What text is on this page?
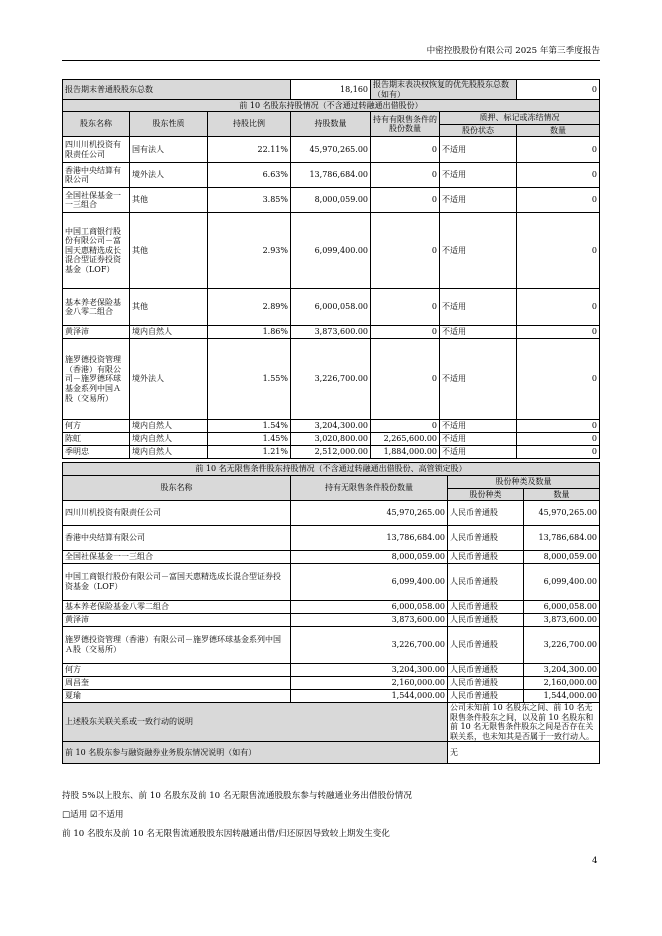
中密控股股份有限公司 2025 年第三季度报告
报告期末普通股股东总数			18,160	报告期末表决权恢复的优先股股东总数（如有）		0
前 10 名股东持股情况（不含通过转融通出借股份）						
股东名称	股东性质	持股比例	持股数量	持有有限售条件的股份数量	质押、标记或冻结情况	
					股份状态	数量
四川川机投资有限责任公司	国有法人	22.11%	45,970,265.00	0	不适用	0
香港中央结算有限公司	境外法人	6.63%	13,786,684.00	0	不适用	0
全国社保基金一一三组合	其他	3.85%	8,000,059.00	0	不适用	0
中国工商银行股份有限公司－富国天惠精选成长混合型证券投资基金（LOF）	其他	2.93%	6,099,400.00	0	不适用	0
基本养老保险基金八零二组合	其他	2.89%	6,000,058.00	0	不适用	0
黄泽沛	境内自然人	1.86%	3,873,600.00	0	不适用	0
施罗德投资管理（香港）有限公司－施罗德环球基金系列中国Ａ股（交易所）	境外法人	1.55%	3,226,700.00	0	不适用	0
何方	境内自然人	1.54%	3,204,300.00	0	不适用	0
陈虹	境内自然人	1.45%	3,020,800.00	2,265,600.00	不适用	0
季明忠	境内自然人	1.21%	2,512,000.00	1,884,000.00	不适用	0
前 10 名无限售条件股东持股情况（不含通过转融通出借股份、高管锁定股）			
股东名称	持有无限售条件股份数量	股份种类及数量	
		股份种类	数量
四川川机投资有限责任公司	45,970,265.00	人民币普通股	45,970,265.00
香港中央结算有限公司	13,786,684.00	人民币普通股	13,786,684.00
全国社保基金一一三组合	8,000,059.00	人民币普通股	8,000,059.00
中国工商银行股份有限公司－富国天惠精选成长混合型证券投资基金（LOF）	6,099,400.00	人民币普通股	6,099,400.00
基本养老保险基金八零二组合	6,000,058.00	人民币普通股	6,000,058.00
黄泽沛	3,873,600.00	人民币普通股	3,873,600.00
施罗德投资管理（香港）有限公司－施罗德环球基金系列中国Ａ股（交易所）	3,226,700.00	人民币普通股	3,226,700.00
何方	3,204,300.00	人民币普通股	3,204,300.00
周昌奎	2,160,000.00	人民币普通股	2,160,000.00
夏瑜	1,544,000.00	人民币普通股	1,544,000.00
上述股东关联关系或一致行动的说明		公司未知前 10 名股东之间、前 10 名无限售条件股东之间，以及前 10 名股东和前 10 名无限售条件股东之间是否存在关联关系，也未知其是否属于一致行动人。	
前 10 名股东参与融资融券业务股东情况说明（如有）		无	
持股 5%以上股东、前 10 名股东及前 10 名无限售流通股股东参与转融通业务出借股份情况
□适用 ☑不适用
前 10 名股东及前 10 名无限售流通股股东因转融通出借/归还原因导致较上期发生变化
4
